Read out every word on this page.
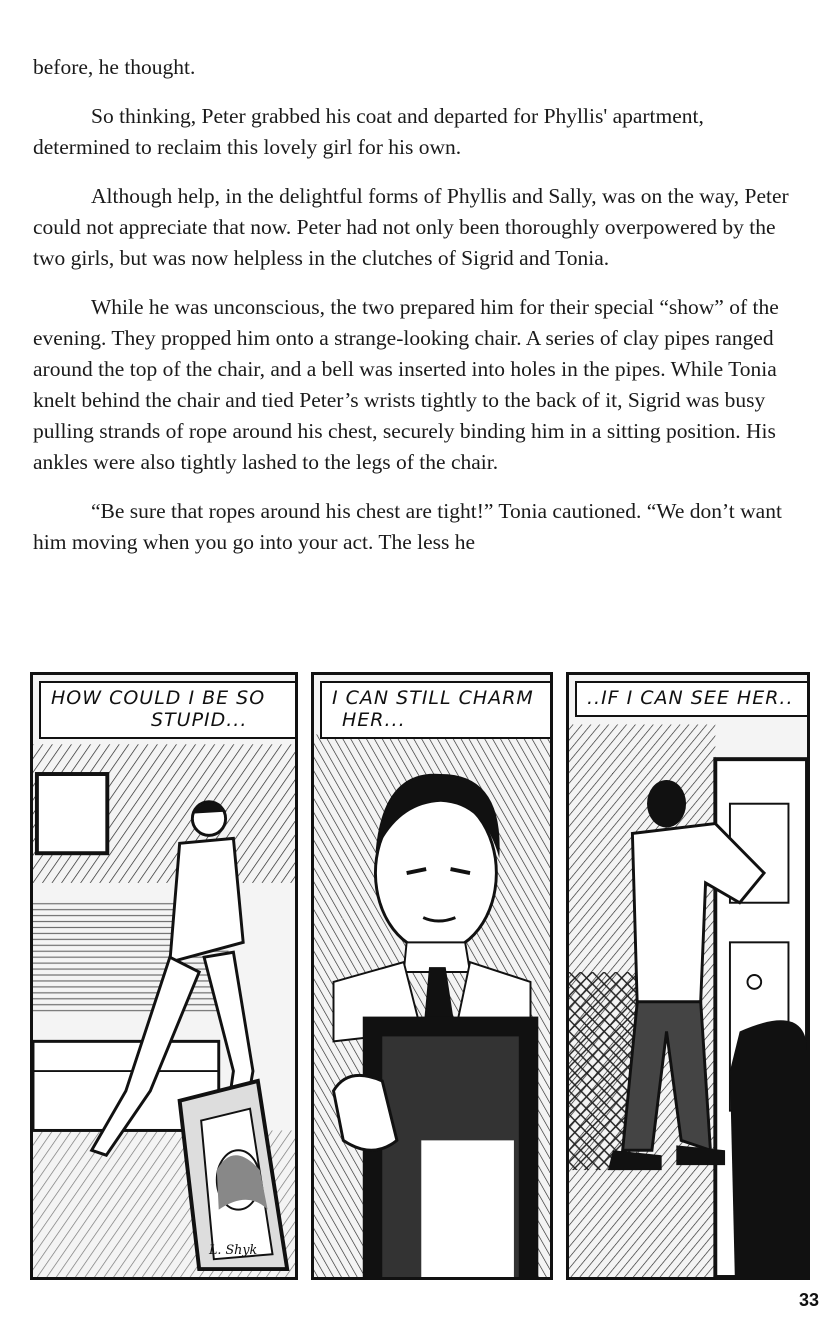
before, he thought.

So thinking, Peter grabbed his coat and departed for Phyllis' apartment, determined to reclaim this lovely girl for his own.

Although help, in the delightful forms of Phyllis and Sally, was on the way, Peter could not appreciate that now. Peter had not only been thoroughly overpowered by the two girls, but was now helpless in the clutches of Sigrid and Tonia.

While he was unconscious, the two prepared him for their special “show” of the evening. They propped him onto a strange-looking chair. A series of clay pipes ranged around the top of the chair, and a bell was inserted into holes in the pipes. While Tonia knelt behind the chair and tied Peter’s wrists tightly to the back of it, Sigrid was busy pulling strands of rope around his chest, securely binding him in a sitting position. His ankles were also tightly lashed to the legs of the chair.

“Be sure that ropes around his chest are tight!” Tonia cautioned. “We don’t want him moving when you go into your act. The less he

HOW COULD I BE SO
STUPID...
L. Shyk
I CAN STILL CHARM
HER...
..IF I CAN SEE HER..
33
